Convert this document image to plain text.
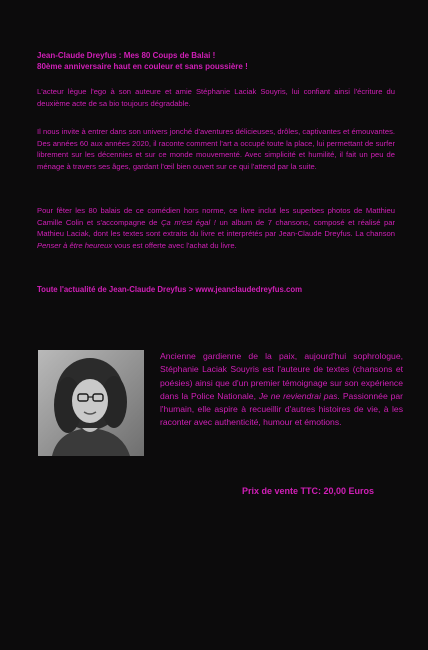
Jean-Claude Dreyfus : Mes 80 Coups de Balai !

80ème anniversaire haut en couleur et sans poussière !

L'acteur lègue l'ego à son auteure et amie Stéphanie Laciak Souyris, lui confiant ainsi l'écriture du deuxième acte de sa bio toujours dégradable.

Il nous invite à entrer dans son univers jonché d'aventures délicieuses, drôles, captivantes et émouvantes. Des années 60 aux années 2020, il raconte comment l'art a occupé toute la place, lui permettant de surfer librement sur les décennies et sur ce monde mouvementé. Avec simplicité et humilité, il fait un peu de ménage à travers ses âges, gardant l'œil bien ouvert sur ce qui l'attend par la suite.

Pour fêter les 80 balais de ce comédien hors norme, ce livre inclut les superbes photos de Matthieu Camille Colin et s'accompagne de Ça m'est égal ! un album de 7 chansons, composé et réalisé par Mathieu Laciak, dont les textes sont extraits du livre et interprétés par Jean-Claude Dreyfus. La chanson Penser à être heureux vous est offerte avec l'achat du livre.

Toute l'actualité de Jean-Claude Dreyfus > www.jeanclaudedreyfus.com

Ancienne gardienne de la paix, aujourd'hui sophrologue, Stéphanie Laciak Souyris est l'auteure de textes (chansons et poésies) ainsi que d'un premier témoignage sur son expérience dans la Police Nationale, Je ne reviendrai pas. Passionnée par l'humain, elle aspire à recueillir d'autres histoires de vie, à les raconter avec authenticité, humour et émotions.

Prix de vente TTC: 20,00 Euros
